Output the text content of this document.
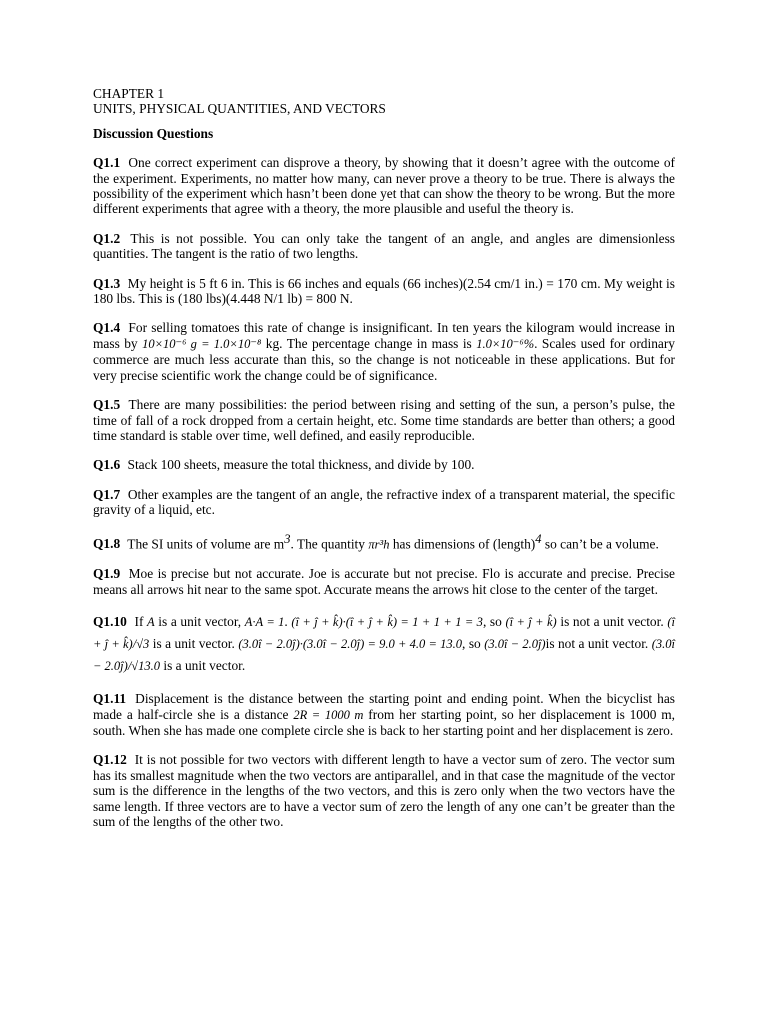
CHAPTER 1
UNITS, PHYSICAL QUANTITIES, AND VECTORS
Discussion Questions

Q1.1 One correct experiment can disprove a theory, by showing that it doesn’t agree with the outcome of the experiment. Experiments, no matter how many, can never prove a theory to be true. There is always the possibility of the experiment which hasn’t been done yet that can show the theory to be wrong. But the more different experiments that agree with a theory, the more plausible and useful the theory is.

Q1.2 This is not possible. You can only take the tangent of an angle, and angles are dimensionless quantities. The tangent is the ratio of two lengths.

Q1.3 My height is 5 ft 6 in. This is 66 inches and equals (66 inches)(2.54 cm/1 in.) = 170 cm. My weight is 180 lbs. This is (180 lbs)(4.448 N/1 lb) = 800 N.

Q1.4 For selling tomatoes this rate of change is insignificant. In ten years the kilogram would increase in mass by 10×10⁻⁶ g = 1.0×10⁻⁸ kg. The percentage change in mass is 1.0×10⁻⁶%. Scales used for ordinary commerce are much less accurate than this, so the change is not noticeable in these applications. But for very precise scientific work the change could be of significance.

Q1.5 There are many possibilities: the period between rising and setting of the sun, a person’s pulse, the time of fall of a rock dropped from a certain height, etc. Some time standards are better than others; a good time standard is stable over time, well defined, and easily reproducible.

Q1.6 Stack 100 sheets, measure the total thickness, and divide by 100.

Q1.7 Other examples are the tangent of an angle, the refractive index of a transparent material, the specific gravity of a liquid, etc.

Q1.8 The SI units of volume are $m^3$. The quantity πr³h has dimensions of (length)$^4$ so can’t be a volume.

Q1.9 Moe is precise but not accurate. Joe is accurate but not precise. Flo is accurate and precise. Precise means all arrows hit near to the same spot. Accurate means the arrows hit close to the center of the target.

Q1.10 If A is a unit vector, A·A = 1. (î + ĵ + k̂)·(î + ĵ + k̂) = 1 + 1 + 1 = 3, so (î + ĵ + k̂) is not a unit vector. (î + ĵ + k̂)/√3 is a unit vector. (3.0î − 2.0ĵ)·(3.0î − 2.0ĵ) = 9.0 + 4.0 = 13.0, so (3.0î − 2.0ĵ)is not a unit vector. (3.0î − 2.0ĵ)/√13.0 is a unit vector.

Q1.11 Displacement is the distance between the starting point and ending point. When the bicyclist has made a half-circle she is a distance 2R = 1000 m from her starting point, so her displacement is 1000 m, south. When she has made one complete circle she is back to her starting point and her displacement is zero.

Q1.12 It is not possible for two vectors with different length to have a vector sum of zero. The vector sum has its smallest magnitude when the two vectors are antiparallel, and in that case the magnitude of the vector sum is the difference in the lengths of the two vectors, and this is zero only when the two vectors have the same length. If three vectors are to have a vector sum of zero the length of any one can’t be greater than the sum of the lengths of the other two.
